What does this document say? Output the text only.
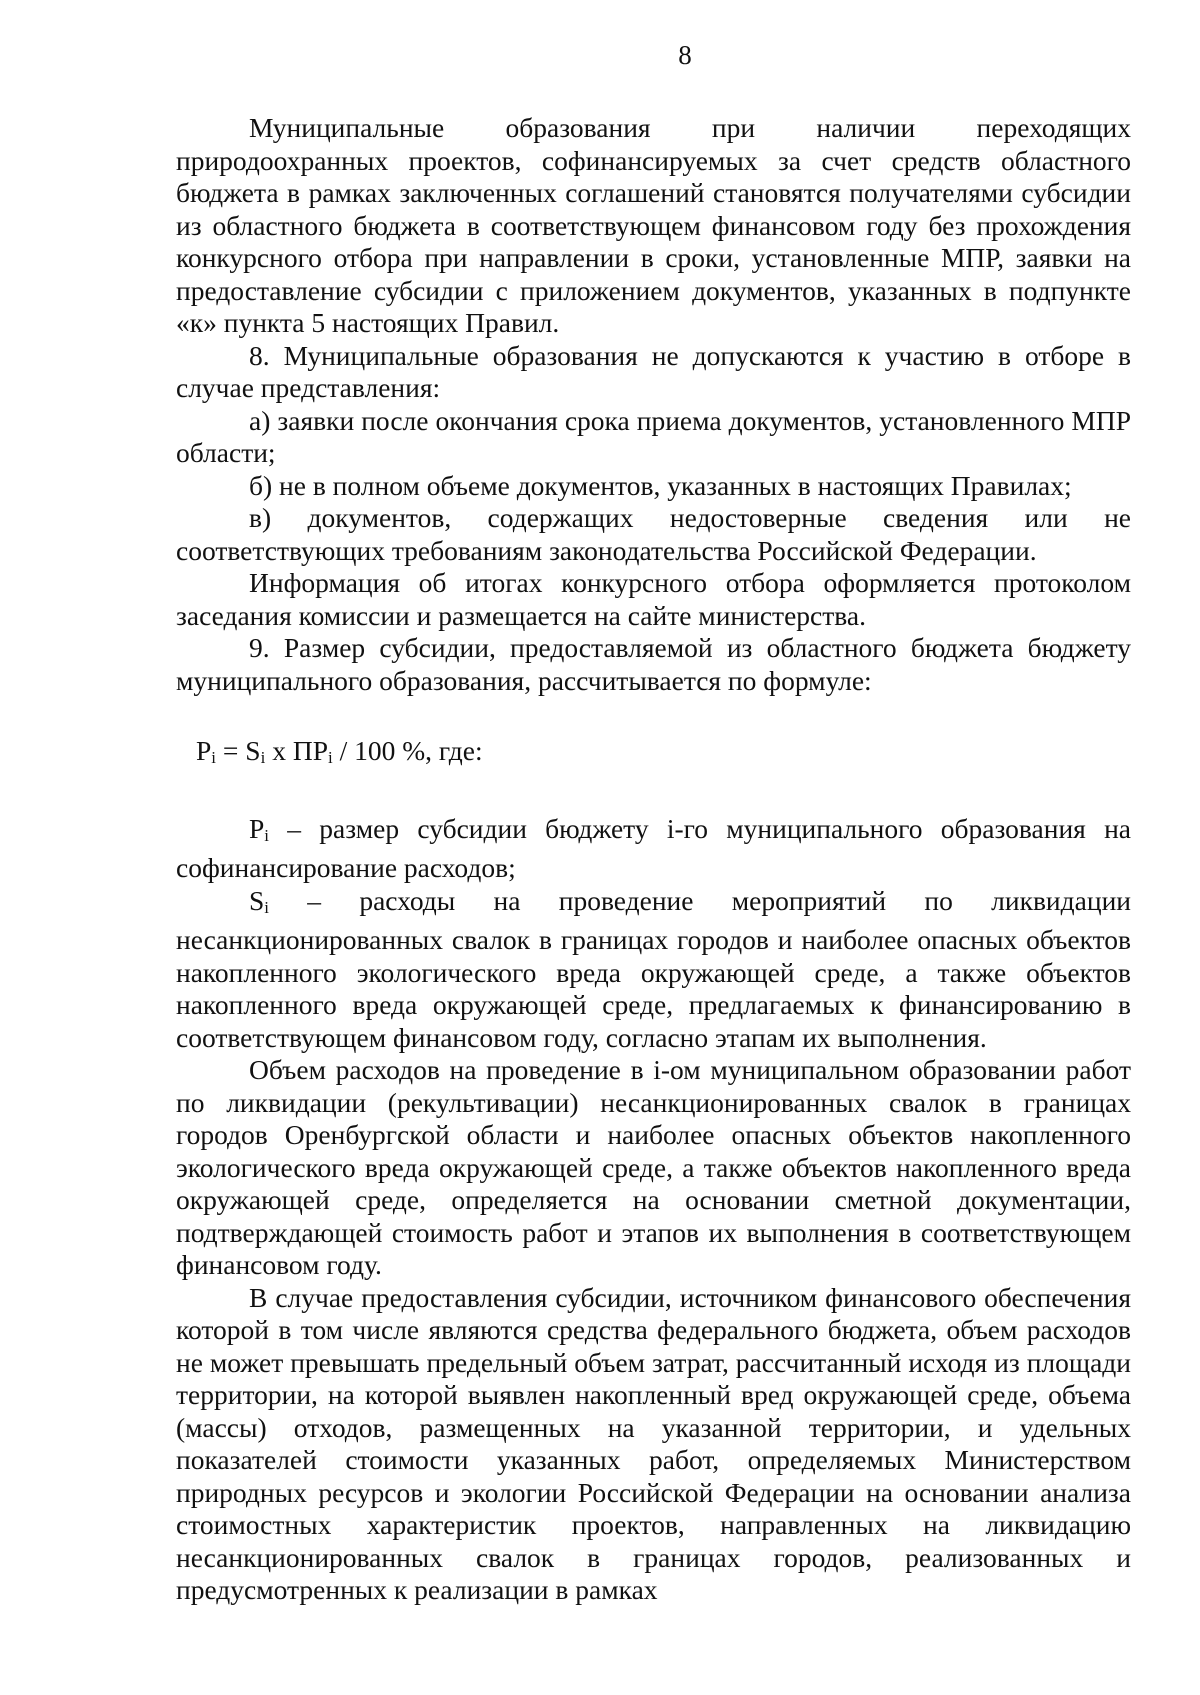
8

Муниципальные образования при наличии переходящих природоохранных проектов, софинансируемых за счет средств областного бюджета в рамках заключенных соглашений становятся получателями субсидии из областного бюджета в соответствующем финансовом году без прохождения конкурсного отбора при направлении в сроки, установленные МПР, заявки на предоставление субсидии с приложением документов, указанных в подпункте «к» пункта 5 настоящих Правил.

8. Муниципальные образования не допускаются к участию в отборе в случае представления:

а) заявки после окончания срока приема документов, установленного МПР области;

б) не в полном объеме документов, указанных в настоящих Правилах;

в) документов, содержащих недостоверные сведения или не соответствующих требованиям законодательства Российской Федерации.

Информация об итогах конкурсного отбора оформляется протоколом заседания комиссии и размещается на сайте министерства.

9. Размер субсидии, предоставляемой из областного бюджета бюджету муниципального образования, рассчитывается по формуле:

Pi = Si x ПРi / 100 %, где:

Pi – размер субсидии бюджету i-го муниципального образования на софинансирование расходов;

Si – расходы на проведение мероприятий по ликвидации несанкционированных свалок в границах городов и наиболее опасных объектов накопленного экологического вреда окружающей среде, а также объектов накопленного вреда окружающей среде, предлагаемых к финансированию в соответствующем финансовом году, согласно этапам их выполнения.

Объем расходов на проведение в i-ом муниципальном образовании работ по ликвидации (рекультивации) несанкционированных свалок в границах городов Оренбургской области и наиболее опасных объектов накопленного экологического вреда окружающей среде, а также объектов накопленного вреда окружающей среде, определяется на основании сметной документации, подтверждающей стоимость работ и этапов их выполнения в соответствующем финансовом году.

В случае предоставления субсидии, источником финансового обеспечения которой в том числе являются средства федерального бюджета, объем расходов не может превышать предельный объем затрат, рассчитанный исходя из площади территории, на которой выявлен накопленный вред окружающей среде, объема (массы) отходов, размещенных на указанной территории, и удельных показателей стоимости указанных работ, определяемых Министерством природных ресурсов и экологии Российской Федерации на основании анализа стоимостных характеристик проектов, направленных на ликвидацию несанкционированных свалок в границах городов, реализованных и предусмотренных к реализации в рамках
